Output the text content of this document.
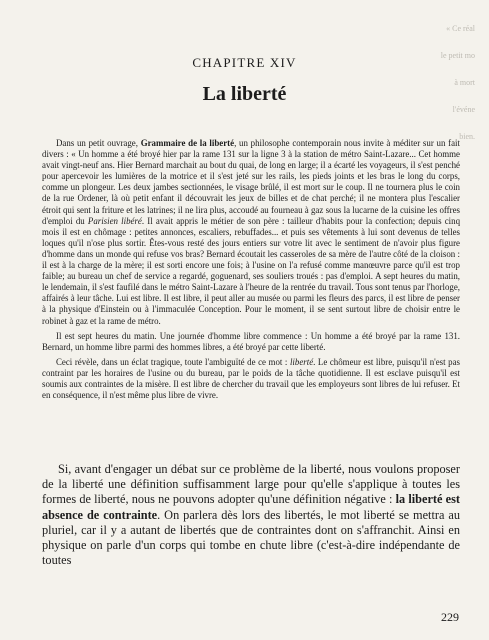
« Ce réal

le petit mo

à mort

l'événe

bien.

CHAPITRE XIV
La liberté

Dans un petit ouvrage, Grammaire de la liberté, un philosophe contemporain nous invite à méditer sur un fait divers : « Un homme a été broyé hier par la rame 131 sur la ligne 3 à la station de métro Saint-Lazare... Cet homme avait vingt-neuf ans. Hier Bernard marchait au bout du quai, de long en large; il a écarté les voyageurs, il s'est penché pour apercevoir les lumières de la motrice et il s'est jeté sur les rails, les pieds joints et les bras le long du corps, comme un plongeur. Les deux jambes sectionnées, le visage brûlé, il est mort sur le coup. Il ne tournera plus le coin de la rue Ordener, là où petit enfant il découvrait les jeux de billes et de chat perché; il ne montera plus l'escalier étroit qui sent la friture et les latrines; il ne lira plus, accoudé au fourneau à gaz sous la lucarne de la cuisine les offres d'emploi du Parisien libéré. Il avait appris le métier de son père : tailleur d'habits pour la confection; depuis cinq mois il est en chômage : petites annonces, escaliers, rebuffades... et puis ses vêtements à lui sont devenus de telles loques qu'il n'ose plus sortir. Êtes-vous resté des jours entiers sur votre lit avec le sentiment de n'avoir plus figure d'homme dans un monde qui refuse vos bras? Bernard écoutait les casseroles de sa mère de l'autre côté de la cloison : il est à la charge de la mère; il est sorti encore une fois; à l'usine on l'a refusé comme manœuvre parce qu'il est trop faible; au bureau un chef de service a regardé, goguenard, ses souliers troués : pas d'emploi. A sept heures du matin, le lendemain, il s'est faufilé dans le métro Saint-Lazare à l'heure de la rentrée du travail. Tous sont tenus par l'horloge, affairés à leur tâche. Lui est libre. Il est libre, il peut aller au musée ou parmi les fleurs des parcs, il est libre de penser à la physique d'Einstein ou à l'immaculée Conception. Pour le moment, il se sent surtout libre de choisir entre le robinet à gaz et la rame de métro.

Il est sept heures du matin. Une journée d'homme libre commence : Un homme a été broyé par la rame 131. Bernard, un homme libre parmi des hommes libres, a été broyé par cette liberté.

Ceci révèle, dans un éclat tragique, toute l'ambiguïté de ce mot : liberté. Le chômeur est libre, puisqu'il n'est pas contraint par les horaires de l'usine ou du bureau, par le poids de la tâche quotidienne. Il est esclave puisqu'il est soumis aux contraintes de la misère. Il est libre de chercher du travail que les employeurs sont libres de lui refuser. Et en conséquence, il n'est même plus libre de vivre.

Si, avant d'engager un débat sur ce problème de la liberté, nous voulons proposer de la liberté une définition suffisamment large pour qu'elle s'applique à toutes les formes de liberté, nous ne pouvons adopter qu'une définition négative : la liberté est absence de contrainte. On parlera dès lors des libertés, le mot liberté se mettra au pluriel, car il y a autant de libertés que de contraintes dont on s'affranchit. Ainsi en physique on parle d'un corps qui tombe en chute libre (c'est-à-dire indépendante de toutes

229
